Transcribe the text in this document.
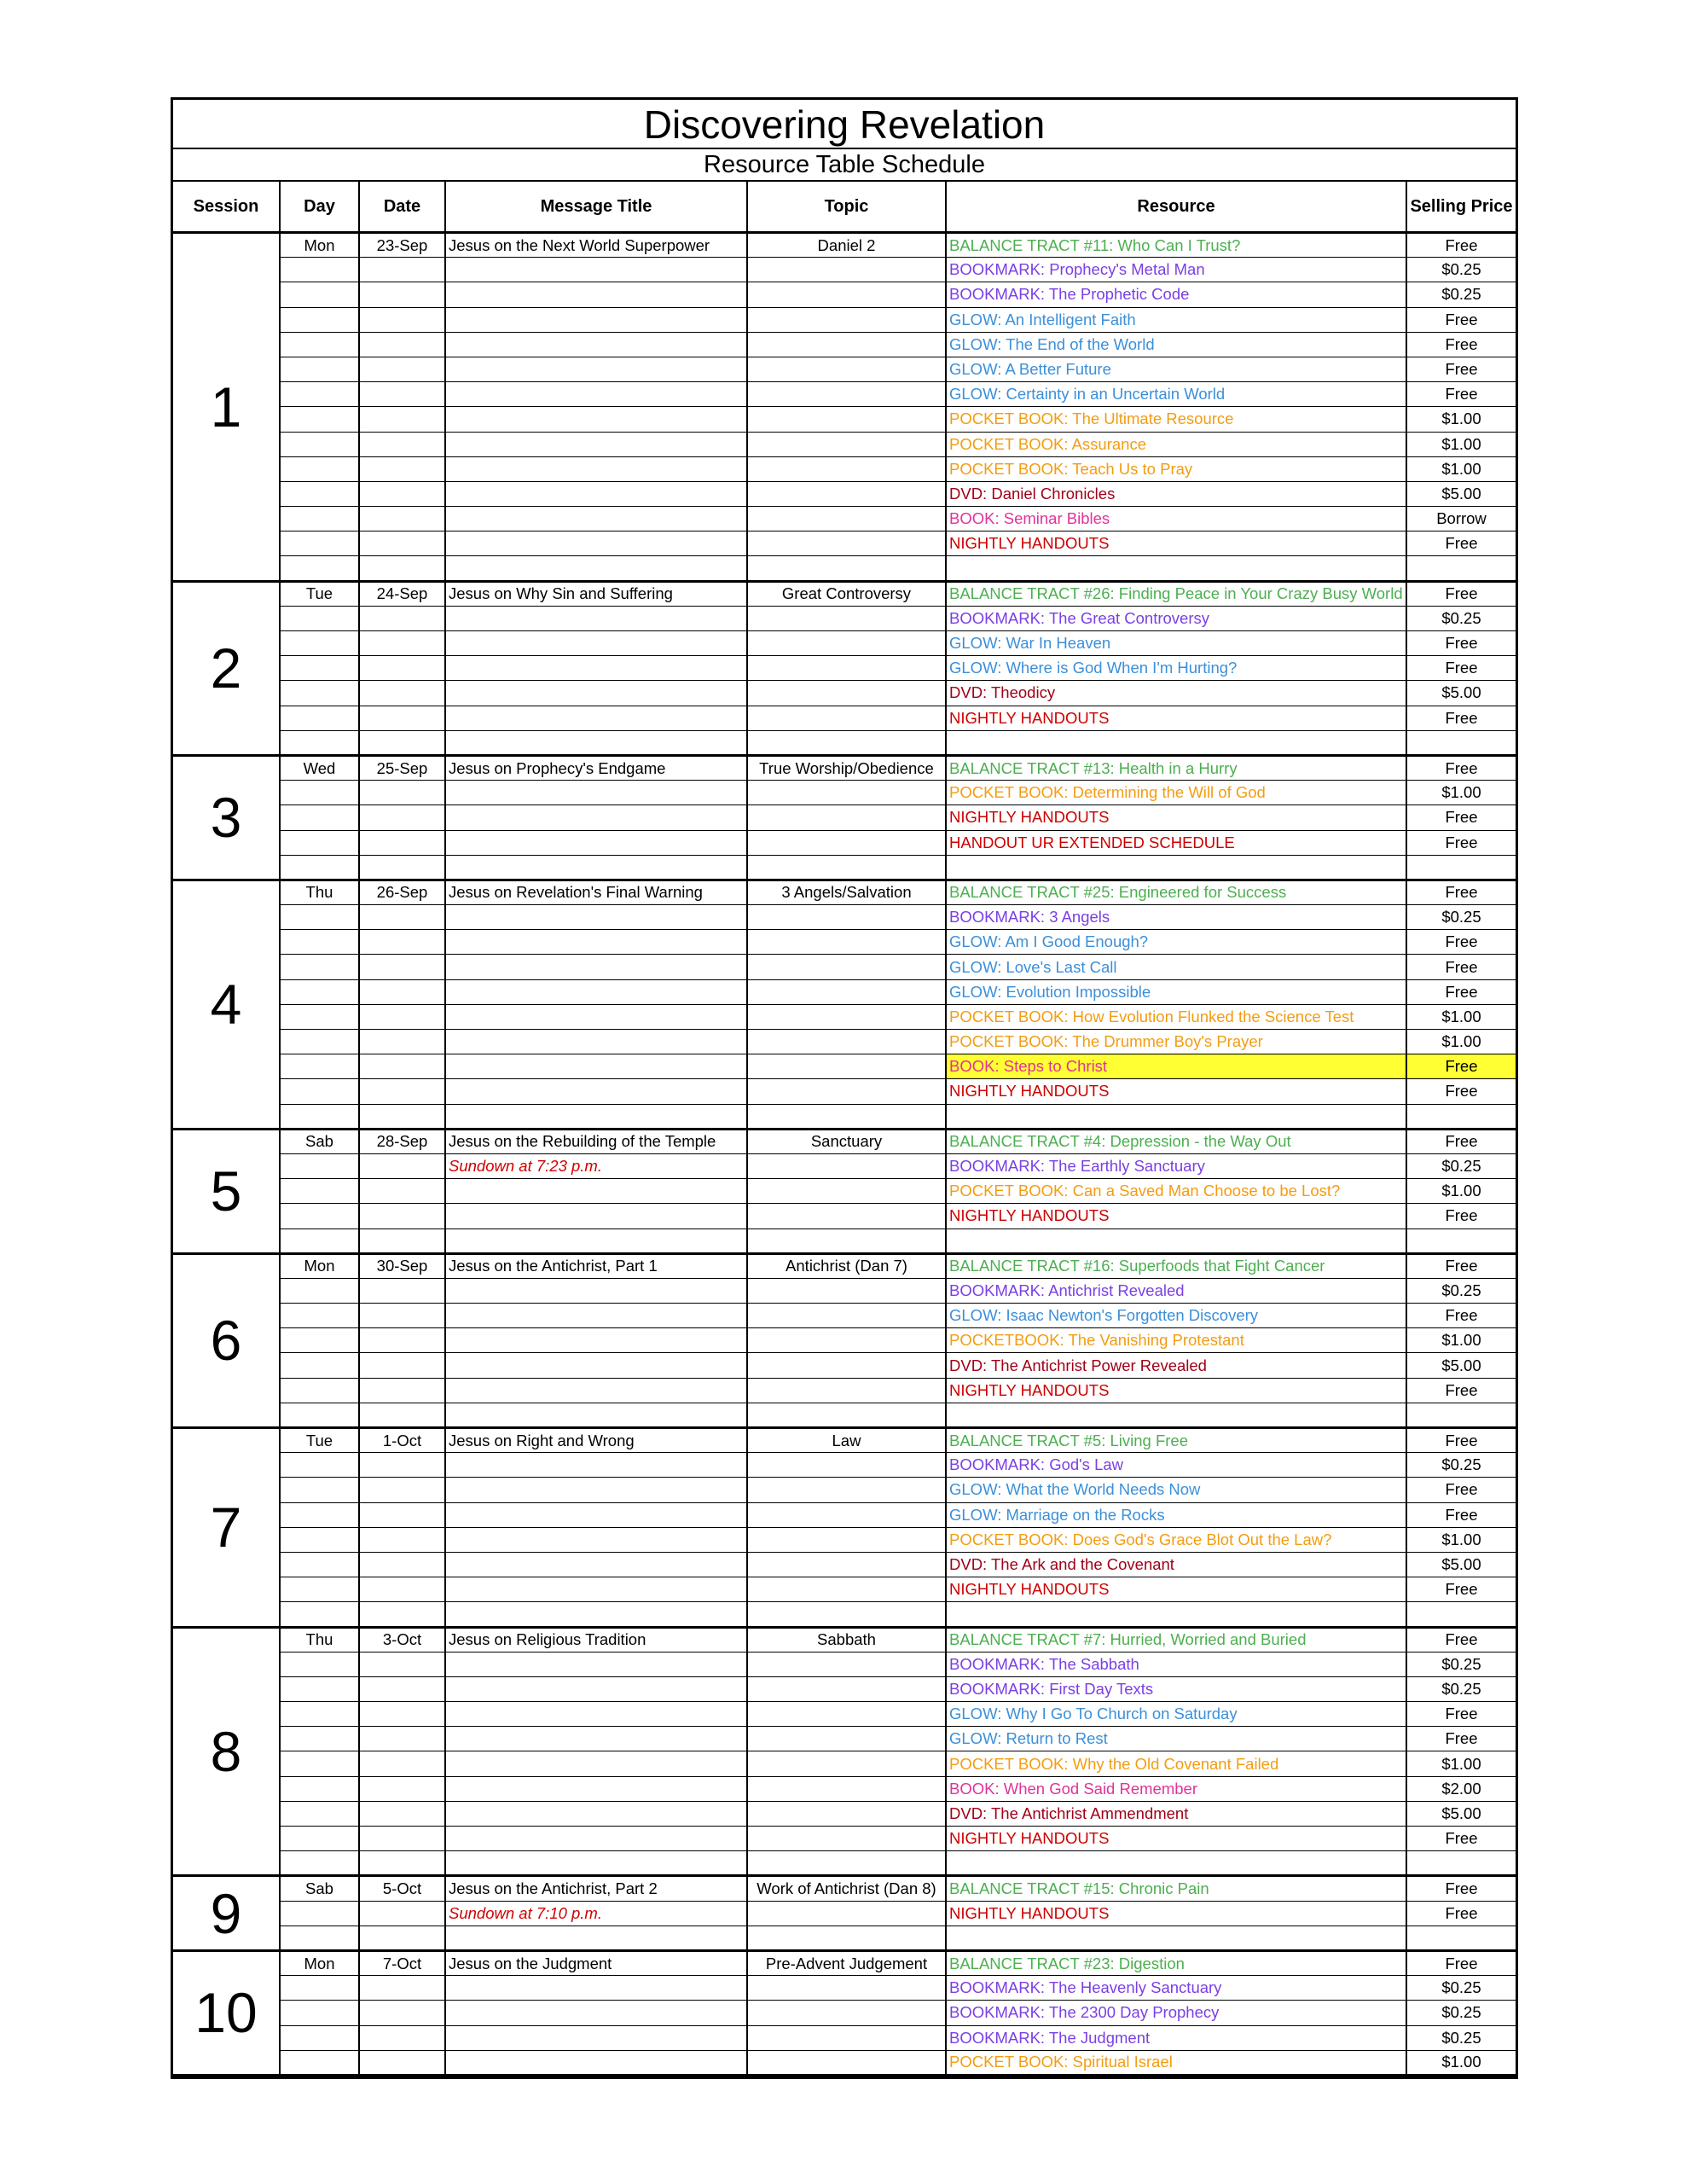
Discovering Revelation
Resource Table Schedule
Session	Day	Date	Message Title	Topic	Resource	Selling Price
1	Mon	23-Sep	Jesus on the Next World Superpower	Daniel 2	BALANCE TRACT #11: Who Can I Trust?	Free
					BOOKMARK: Prophecy's Metal Man	$0.25
					BOOKMARK: The Prophetic Code	$0.25
					GLOW: An Intelligent Faith	Free
					GLOW: The End of the World	Free
					GLOW: A Better Future	Free
					GLOW: Certainty in an Uncertain World	Free
					POCKET BOOK: The Ultimate Resource	$1.00
					POCKET BOOK: Assurance	$1.00
					POCKET BOOK: Teach Us to Pray	$1.00
					DVD: Daniel Chronicles	$5.00
					BOOK: Seminar Bibles	Borrow
					NIGHTLY HANDOUTS	Free

2	Tue	24-Sep	Jesus on Why Sin and Suffering	Great Controversy	BALANCE TRACT #26: Finding Peace in Your Crazy Busy World	Free
					BOOKMARK: The Great Controversy	$0.25
					GLOW: War In Heaven	Free
					GLOW: Where is God When I'm Hurting?	Free
					DVD: Theodicy	$5.00
					NIGHTLY HANDOUTS	Free

3	Wed	25-Sep	Jesus on Prophecy's Endgame	True Worship/Obedience	BALANCE TRACT #13: Health in a Hurry	Free
					POCKET BOOK: Determining the Will of God	$1.00
					NIGHTLY HANDOUTS	Free
					HANDOUT UR EXTENDED SCHEDULE	Free

4	Thu	26-Sep	Jesus on Revelation's Final Warning	3 Angels/Salvation	BALANCE TRACT #25: Engineered for Success	Free
					BOOKMARK: 3 Angels	$0.25
					GLOW: Am I Good Enough?	Free
					GLOW: Love's Last Call	Free
					GLOW: Evolution Impossible	Free
					POCKET BOOK: How Evolution Flunked the Science Test	$1.00
					POCKET BOOK: The Drummer Boy's Prayer	$1.00
					BOOK: Steps to Christ	Free
					NIGHTLY HANDOUTS	Free

5	Sab	28-Sep	Jesus on the Rebuilding of the Temple	Sanctuary	BALANCE TRACT #4: Depression - the Way Out	Free
			Sundown at 7:23 p.m.		BOOKMARK: The Earthly Sanctuary	$0.25
					POCKET BOOK: Can a Saved Man Choose to be Lost?	$1.00
					NIGHTLY HANDOUTS	Free

6	Mon	30-Sep	Jesus on the Antichrist, Part 1	Antichrist (Dan 7)	BALANCE TRACT #16: Superfoods that Fight Cancer	Free
					BOOKMARK: Antichrist Revealed	$0.25
					GLOW: Isaac Newton's Forgotten Discovery	Free
					POCKETBOOK: The Vanishing Protestant	$1.00
					DVD: The Antichrist Power Revealed	$5.00
					NIGHTLY HANDOUTS	Free

7	Tue	1-Oct	Jesus on Right and Wrong	Law	BALANCE TRACT #5: Living Free	Free
					BOOKMARK: God's Law	$0.25
					GLOW: What the World Needs Now	Free
					GLOW: Marriage on the Rocks	Free
					POCKET BOOK: Does God's Grace Blot Out the Law?	$1.00
					DVD: The Ark and the Covenant	$5.00
					NIGHTLY HANDOUTS	Free

8	Thu	3-Oct	Jesus on Religious Tradition	Sabbath	BALANCE TRACT #7: Hurried, Worried and Buried	Free
					BOOKMARK: The Sabbath	$0.25
					BOOKMARK: First Day Texts	$0.25
					GLOW: Why I Go To Church on Saturday	Free
					GLOW: Return to Rest	Free
					POCKET BOOK: Why the Old Covenant Failed	$1.00
					BOOK: When God Said Remember	$2.00
					DVD: The Antichrist Ammendment	$5.00
					NIGHTLY HANDOUTS	Free

9	Sab	5-Oct	Jesus on the Antichrist, Part 2	Work of Antichrist (Dan 8)	BALANCE TRACT #15: Chronic Pain	Free
			Sundown at 7:10 p.m.		NIGHTLY HANDOUTS	Free

10	Mon	7-Oct	Jesus on the Judgment	Pre-Advent Judgement	BALANCE TRACT #23: Digestion	Free
					BOOKMARK: The Heavenly Sanctuary	$0.25
					BOOKMARK: The 2300 Day Prophecy	$0.25
					BOOKMARK: The Judgment	$0.25
					POCKET BOOK: Spiritual Israel	$1.00
